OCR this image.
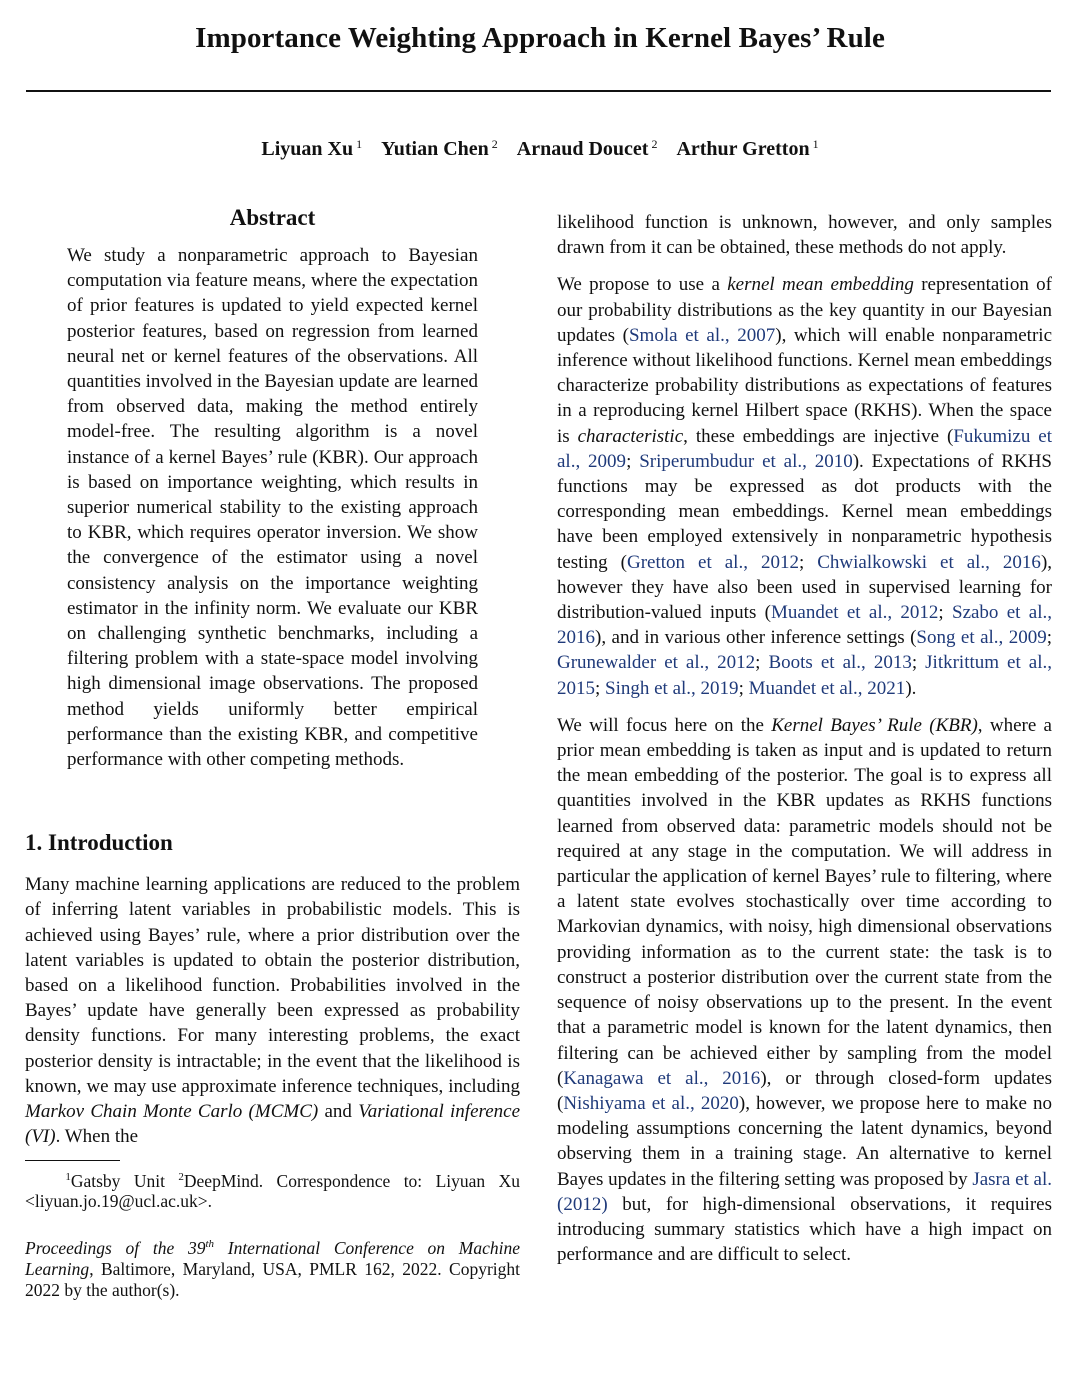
Importance Weighting Approach in Kernel Bayes’ Rule
Liyuan Xu $^1$ Yutian Chen $^2$ Arnaud Doucet $^2$ Arthur Gretton $^1$
Abstract

We study a nonparametric approach to Bayesian computation via feature means, where the expectation of prior features is updated to yield expected kernel posterior features, based on regression from learned neural net or kernel features of the observations. All quantities involved in the Bayesian update are learned from observed data, making the method entirely model-free. The resulting algorithm is a novel instance of a kernel Bayes’ rule (KBR). Our approach is based on importance weighting, which results in superior numerical stability to the existing approach to KBR, which requires operator inversion. We show the convergence of the estimator using a novel consistency analysis on the importance weighting estimator in the infinity norm. We evaluate our KBR on challenging synthetic benchmarks, including a filtering problem with a state-space model involving high dimensional image observations. The proposed method yields uniformly better empirical performance than the existing KBR, and competitive performance with other competing methods.

1. Introduction

Many machine learning applications are reduced to the problem of inferring latent variables in probabilistic models. This is achieved using Bayes’ rule, where a prior distribution over the latent variables is updated to obtain the posterior distribution, based on a likelihood function. Probabilities involved in the Bayes’ update have generally been expressed as probability density functions. For many interesting problems, the exact posterior density is intractable; in the event that the likelihood is known, we may use approximate inference techniques, including Markov Chain Monte Carlo (MCMC) and Variational inference (VI). When the

$^1$Gatsby Unit $^2$DeepMind. Correspondence to: Liyuan Xu <liyuan.jo.19@ucl.ac.uk>.

Proceedings of the 39th International Conference on Machine Learning, Baltimore, Maryland, USA, PMLR 162, 2022. Copyright 2022 by the author(s).

likelihood function is unknown, however, and only samples drawn from it can be obtained, these methods do not apply.

We propose to use a kernel mean embedding representation of our probability distributions as the key quantity in our Bayesian updates (Smola et al., 2007), which will enable nonparametric inference without likelihood functions. Kernel mean embeddings characterize probability distributions as expectations of features in a reproducing kernel Hilbert space (RKHS). When the space is characteristic, these embeddings are injective (Fukumizu et al., 2009; Sriperumbudur et al., 2010). Expectations of RKHS functions may be expressed as dot products with the corresponding mean embeddings. Kernel mean embeddings have been employed extensively in nonparametric hypothesis testing (Gretton et al., 2012; Chwialkowski et al., 2016), however they have also been used in supervised learning for distribution-valued inputs (Muandet et al., 2012; Szabo et al., 2016), and in various other inference settings (Song et al., 2009; Grunewalder et al., 2012; Boots et al., 2013; Jitkrittum et al., 2015; Singh et al., 2019; Muandet et al., 2021).

We will focus here on the Kernel Bayes’ Rule (KBR), where a prior mean embedding is taken as input and is updated to return the mean embedding of the posterior. The goal is to express all quantities involved in the KBR updates as RKHS functions learned from observed data: parametric models should not be required at any stage in the computation. We will address in particular the application of kernel Bayes’ rule to filtering, where a latent state evolves stochastically over time according to Markovian dynamics, with noisy, high dimensional observations providing information as to the current state: the task is to construct a posterior distribution over the current state from the sequence of noisy observations up to the present. In the event that a parametric model is known for the latent dynamics, then filtering can be achieved either by sampling from the model (Kanagawa et al., 2016), or through closed-form updates (Nishiyama et al., 2020), however, we propose here to make no modeling assumptions concerning the latent dynamics, beyond observing them in a training stage. An alternative to kernel Bayes updates in the filtering setting was proposed by Jasra et al. (2012) but, for high-dimensional observations, it requires introducing summary statistics which have a high impact on performance and are difficult to select.
